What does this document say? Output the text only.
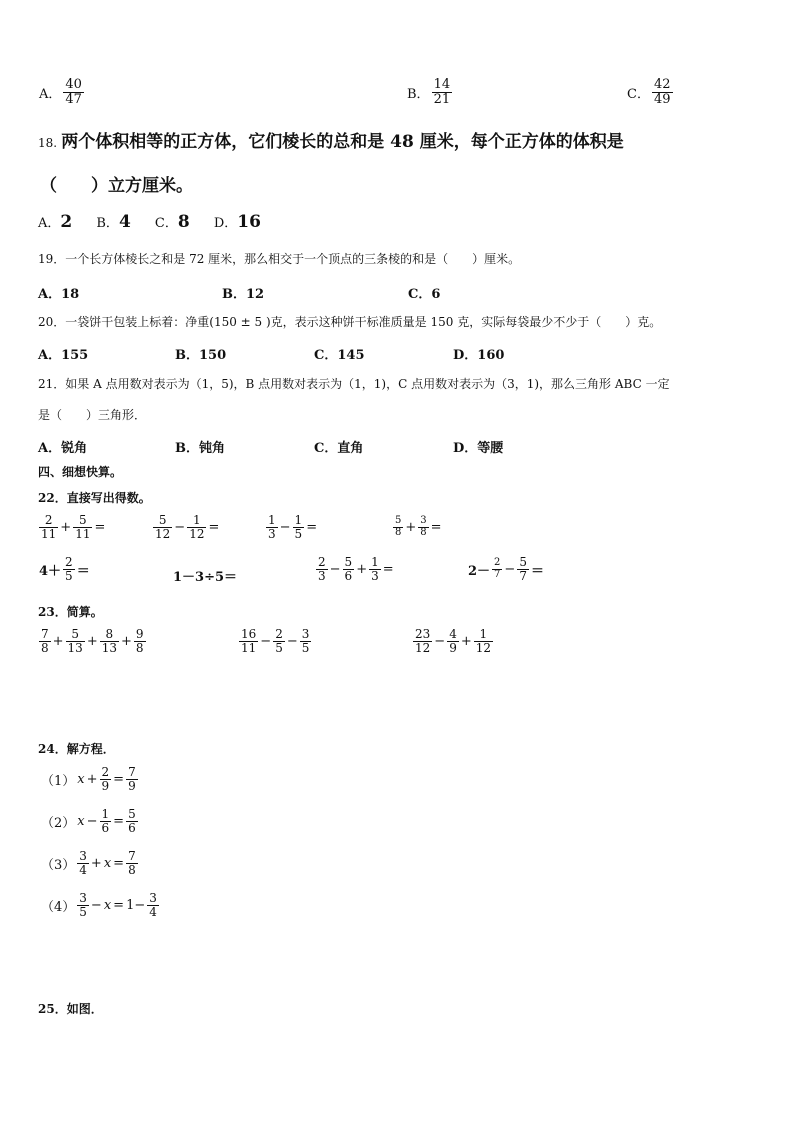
A． $\frac{40}{47}$	B． $\frac{14}{21}$	C． $\frac{42}{49}$
18. 两个体积相等的正方体，它们棱长的总和是 48 厘米，每个正方体的体积是
（　　）立方厘米。
A．2 B．4 C．8 D．16
19．一个长方体棱长之和是 72 厘米，那么相交于一个顶点的三条棱的和是（　　）厘米。
A．18	B．12	C．6
20．一袋饼干包装上标着：净重(150 ± 5 )克，表示这种饼干标准质量是 150 克，实际每袋最少不少于（　　）克。
A．155	B．150	C．145	D．160
21．如果 A 点用数对表示为（1，5)，B 点用数对表示为（1，1)，C 点用数对表示为（3，1)，那么三角形 ABC 一定
是（　　）三角形．
A．锐角	B．钝角	C．直角	D．等腰
四、细想快算。
22．直接写出得数。
$\frac{2}{11} + \frac{5}{11}$ =	$\frac{5}{12} - \frac{1}{12}$ =	$\frac{1}{3} - \frac{1}{5}$ =	$\frac{5}{8} + \frac{3}{8}$ =
$4+ \frac{2}{5}$ ＝	1－3÷5＝	$\frac{2}{3} - \frac{5}{6} + \frac{1}{3}$ =	$2- \frac{2}{7} - \frac{5}{7}$ ＝
23．简算。
$\frac{7}{8} + \frac{5}{13} + \frac{8}{13} + \frac{9}{8}$	$\frac{16}{11} - \frac{2}{5} - \frac{3}{5}$	$\frac{23}{12} - \frac{4}{9} + \frac{1}{12}$
24．解方程．
（1） $x + \frac{2}{9} = \frac{7}{9}$
（2） $x - \frac{1}{6} = \frac{5}{6}$
$(3) \frac{3}{4} + x = \frac{7}{8}$
$(4) \frac{3}{5} - x = 1- \frac{3}{4}$
25．如图．
